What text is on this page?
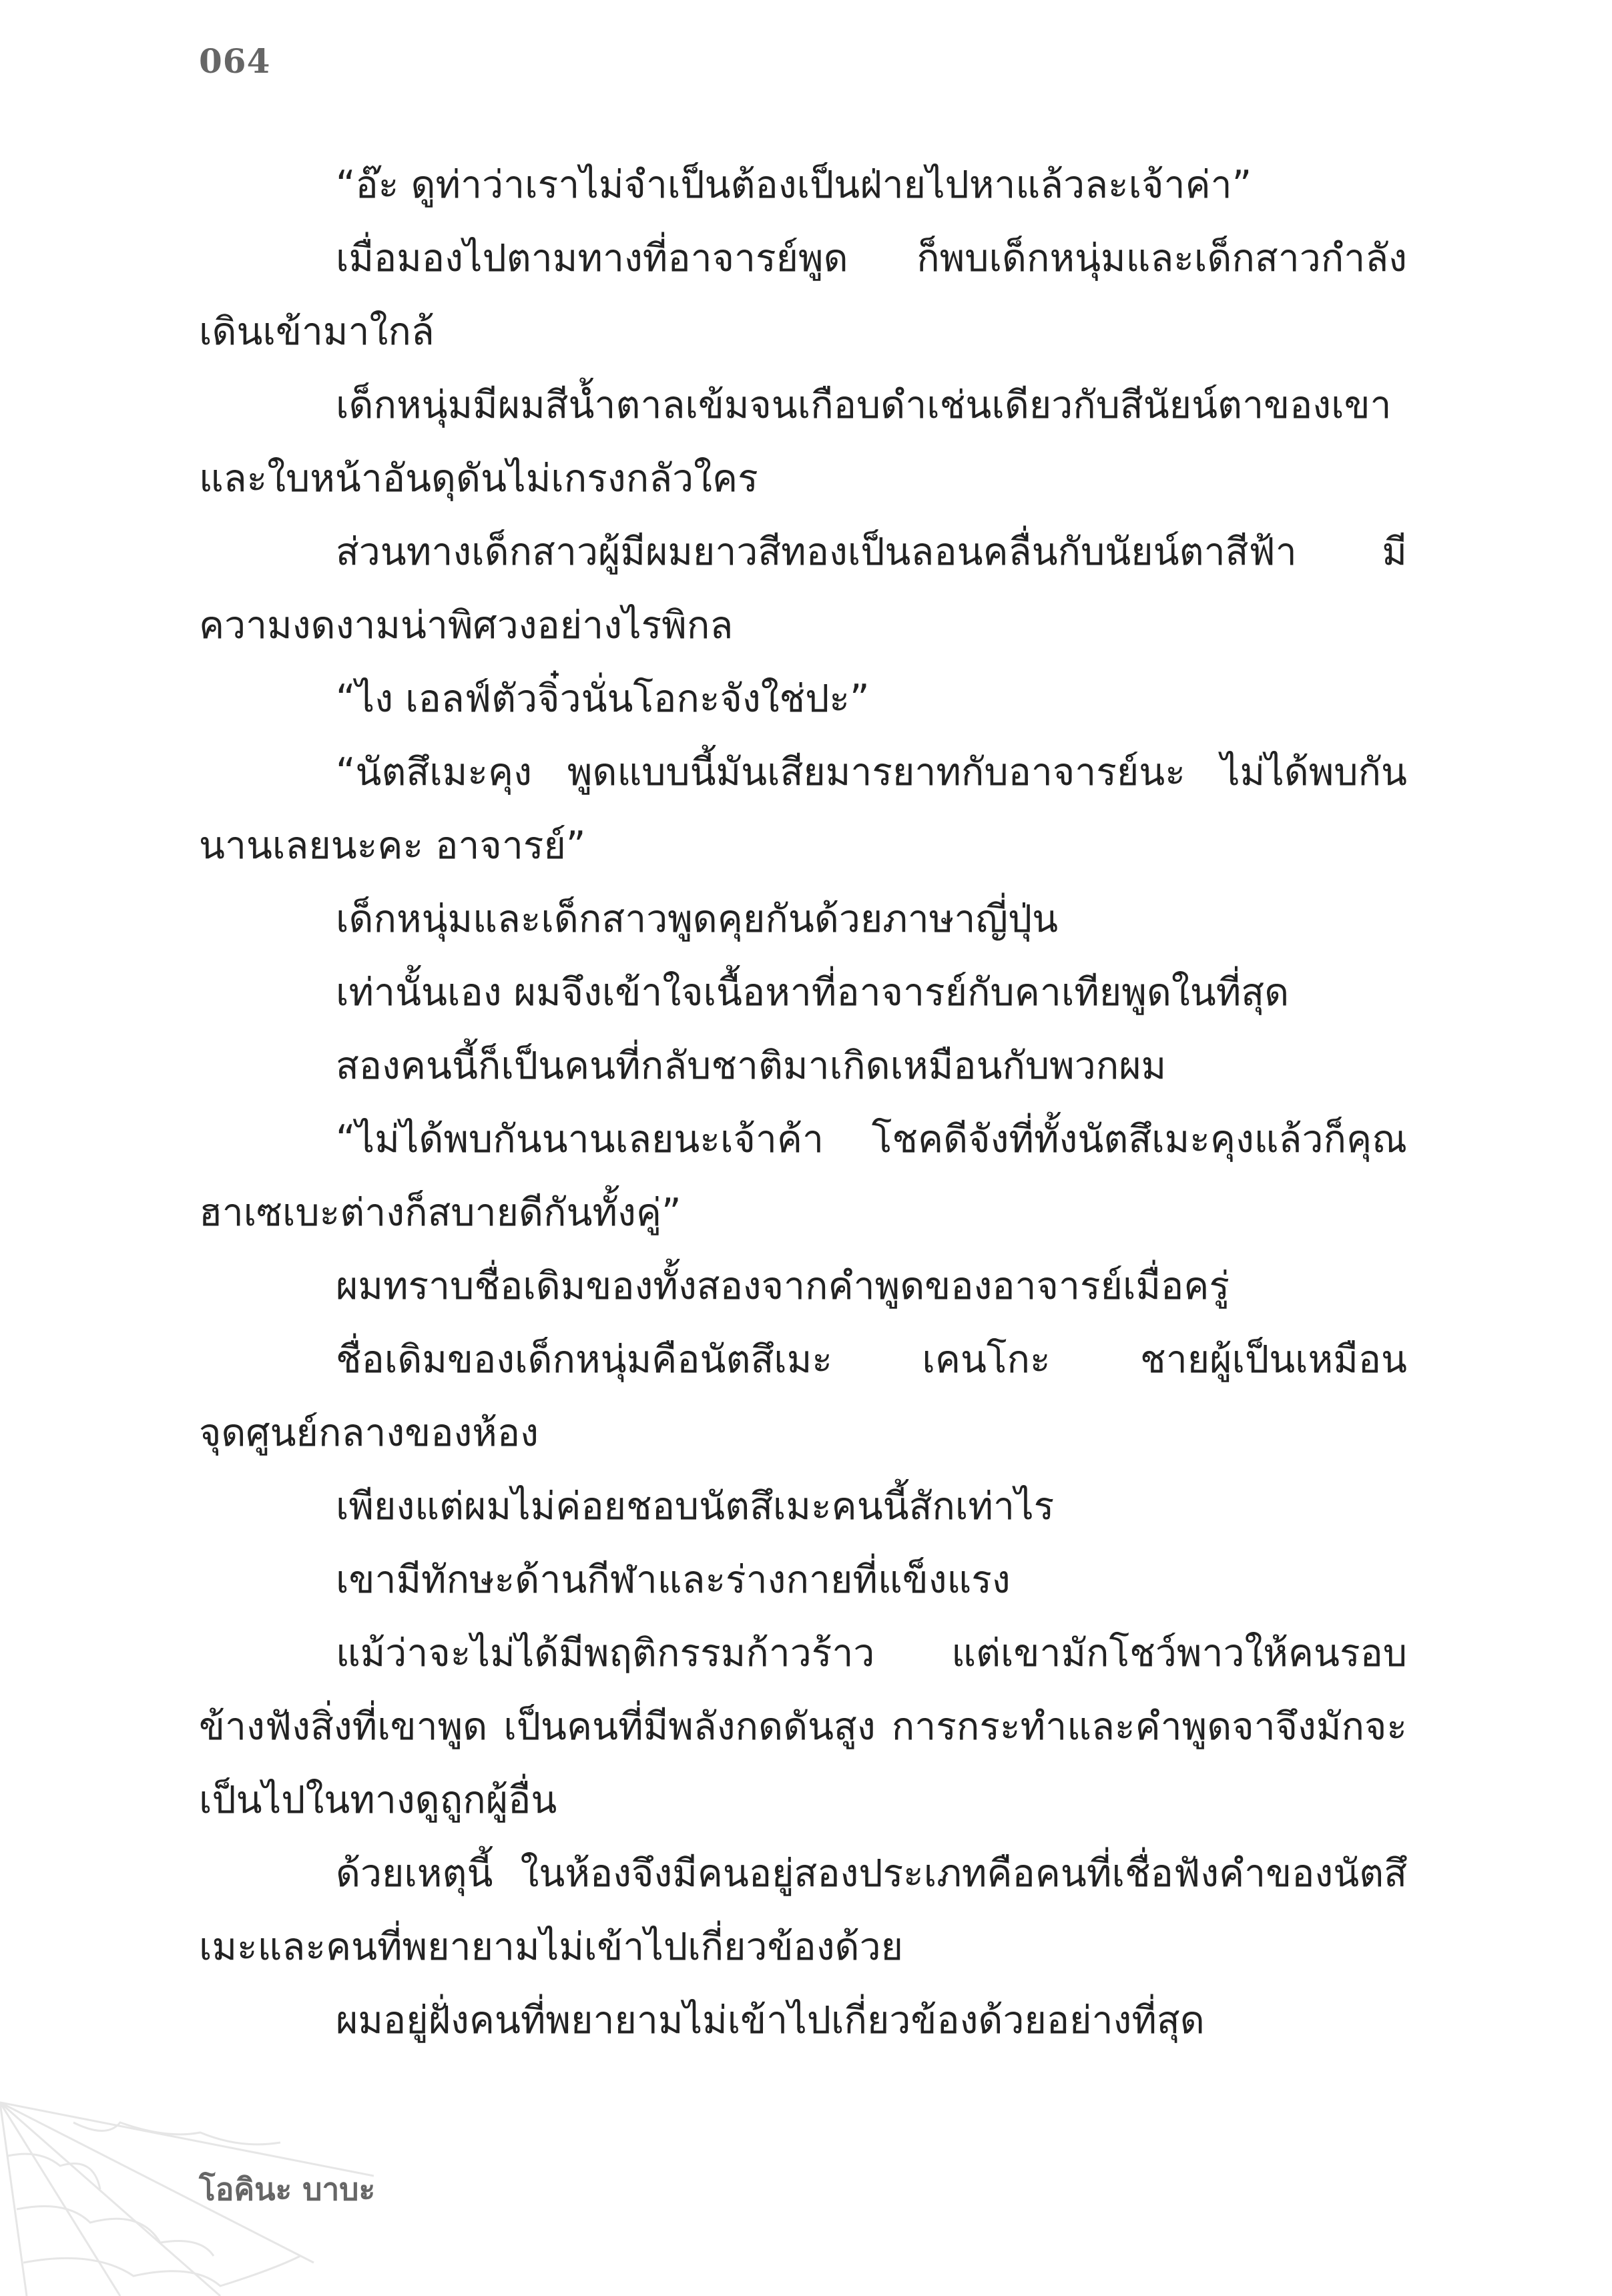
064

“อ๊ะ ดูท่าว่าเราไม่จำเป็นต้องเป็นฝ่ายไปหาแล้วละเจ้าค่า”

เมื่อมองไปตามทางที่อาจารย์พูด ก็พบเด็กหนุ่มและเด็กสาวกำลังเดินเข้ามาใกล้

เด็กหนุ่มมีผมสีน้ำตาลเข้มจนเกือบดำเช่นเดียวกับสีนัยน์ตาของเขาและใบหน้าอันดุดันไม่เกรงกลัวใคร

ส่วนทางเด็กสาวผู้มีผมยาวสีทองเป็นลอนคลื่นกับนัยน์ตาสีฟ้า มีความงดงามน่าพิศวงอย่างไรพิกล

“ไง เอลฟ์ตัวจิ๋วนั่นโอกะจังใช่ปะ”

“นัตสึเมะคุง พูดแบบนี้มันเสียมารยาทกับอาจารย์นะ ไม่ได้พบกันนานเลยนะคะ อาจารย์”

เด็กหนุ่มและเด็กสาวพูดคุยกันด้วยภาษาญี่ปุ่น

เท่านั้นเอง ผมจึงเข้าใจเนื้อหาที่อาจารย์กับคาเทียพูดในที่สุด

สองคนนี้ก็เป็นคนที่กลับชาติมาเกิดเหมือนกับพวกผม

“ไม่ได้พบกันนานเลยนะเจ้าค้า โชคดีจังที่ทั้งนัตสึเมะคุงแล้วก็คุณฮาเซเบะต่างก็สบายดีกันทั้งคู่”

ผมทราบชื่อเดิมของทั้งสองจากคำพูดของอาจารย์เมื่อครู่

ชื่อเดิมของเด็กหนุ่มคือนัตสึเมะ เคนโกะ ชายผู้เป็นเหมือนจุดศูนย์กลางของห้อง

เพียงแต่ผมไม่ค่อยชอบนัตสึเมะคนนี้สักเท่าไร

เขามีทักษะด้านกีฬาและร่างกายที่แข็งแรง

แม้ว่าจะไม่ได้มีพฤติกรรมก้าวร้าว แต่เขามักโชว์พาวให้คนรอบข้างฟังสิ่งที่เขาพูด เป็นคนที่มีพลังกดดันสูง การกระทำและคำพูดจาจึงมักจะเป็นไปในทางดูถูกผู้อื่น

ด้วยเหตุนี้ ในห้องจึงมีคนอยู่สองประเภทคือคนที่เชื่อฟังคำของนัตสึเมะและคนที่พยายามไม่เข้าไปเกี่ยวข้องด้วย

ผมอยู่ฝั่งคนที่พยายามไม่เข้าไปเกี่ยวข้องด้วยอย่างที่สุด

โอคินะ บาบะ
